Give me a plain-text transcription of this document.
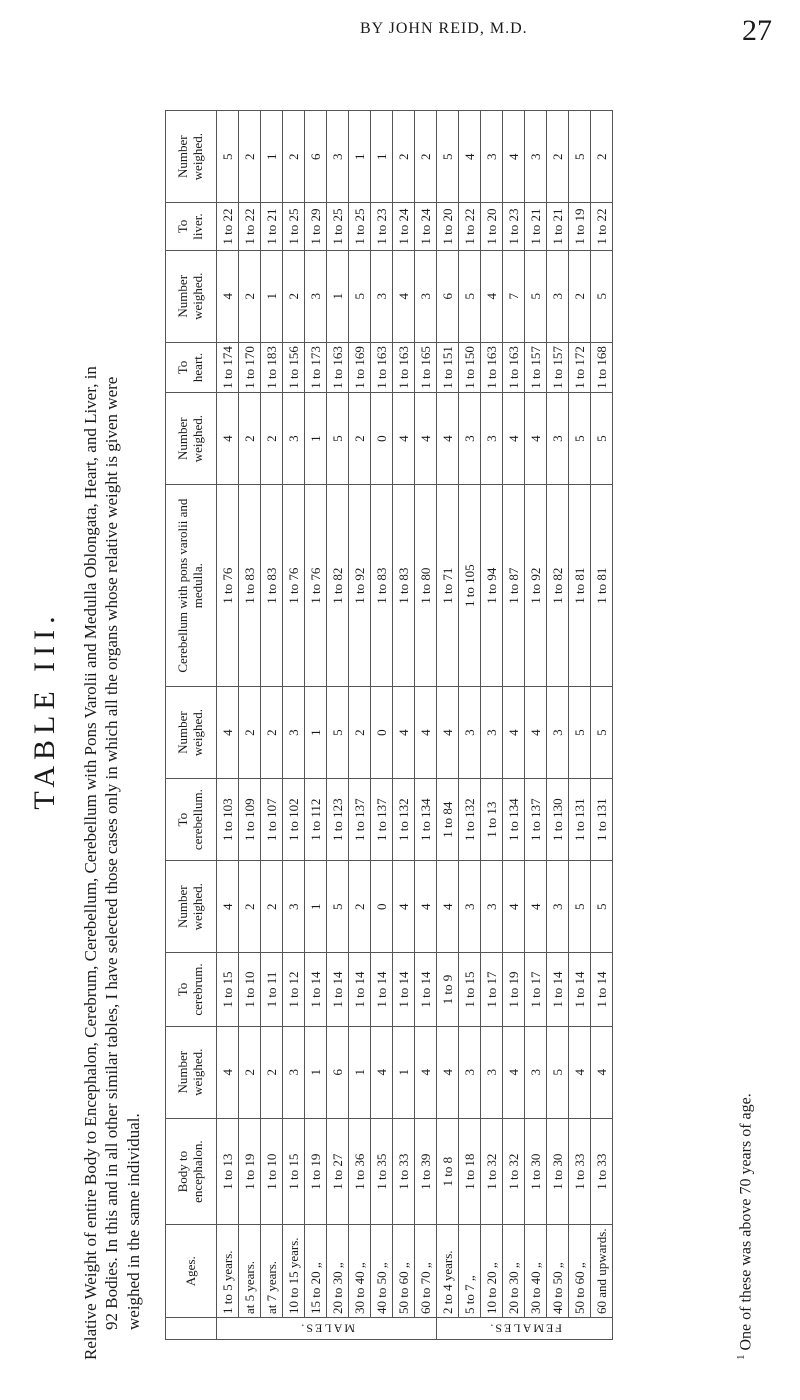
BY JOHN REID, M.D.	27
TABLE III. Relative Weight of entire Body to Encephalon, Cerebrum, Cerebellum, Cerebellum with Pons Varolii and Medulla Oblongata, Heart, and Liver, in 92 Bodies. In this and in all other similar tables, I have selected those cases only in which all the organs whose relative weight is given were weighed in the same individual.
		Ages.	Body to encephalon.	Number weighed.	To cerebrum.	Number weighed.	To cerebellum.	Number weighed.	Cerebellum with pons varolii and medulla.	Number weighed.	To heart.	Number weighed.	To liver.	Number weighed.
MALES.	1 to 5 years.	1 to 13	4	1 to 15	4	1 to 103	4	1 to 76	4	1 to 174	4	1 to 22	5
	at 5 years.	1 to 19	2	1 to 10	2	1 to 109	2	1 to 83	2	1 to 170	2	1 to 22	2
	at 7 years.	1 to 10	2	1 to 11	2	1 to 107	2	1 to 83	2	1 to 183	1	1 to 21	1
	10 to 15 years.	1 to 15	3	1 to 12	3	1 to 102	3	1 to 76	3	1 to 156	2	1 to 25	2
	15 to 20 „	1 to 19	1	1 to 14	1	1 to 112	1	1 to 76	1	1 to 173	3	1 to 29	6
	20 to 30 „	1 to 27	6	1 to 14	5	1 to 123	5	1 to 82	5	1 to 163	1	1 to 25	3
	30 to 40 „	1 to 36	1	1 to 14	2	1 to 137	2	1 to 92	2	1 to 169	5	1 to 25	1
	40 to 50 „	1 to 35	4	1 to 14	0	1 to 137	0	1 to 83	0	1 to 163	3	1 to 23	1
	50 to 60 „	1 to 33	1	1 to 14	4	1 to 132	4	1 to 83	4	1 to 163	4	1 to 24	2
	60 to 70 „	1 to 39	4	1 to 14	4	1 to 134	4	1 to 80	4	1 to 165	3	1 to 24	2
FEMALES.	2 to 4 years.	1 to 8	4	1 to 9	4	1 to 84	4	1 to 71	4	1 to 151	6	1 to 20	5
	5 to 7 „	1 to 18	3	1 to 15	3	1 to 132	3	1 to 105	3	1 to 150	5	1 to 22	4
	10 to 20 „	1 to 32	3	1 to 17	3	1 to 13	3	1 to 94	3	1 to 163	4	1 to 20	3
	20 to 30 „	1 to 32	4	1 to 19	4	1 to 134	4	1 to 87	4	1 to 163	7	1 to 23	4
	30 to 40 „	1 to 30	3	1 to 17	4	1 to 137	4	1 to 92	4	1 to 157	5	1 to 21	3
	40 to 50 „	1 to 30	5	1 to 14	3	1 to 130	3	1 to 82	3	1 to 157	3	1 to 21	2
	50 to 60 „	1 to 33	4	1 to 14	5	1 to 131	5	1 to 81	5	1 to 172	2	1 to 19	5
	60 and upwards.	1 to 33	4	1 to 14	5	1 to 131	5	1 to 81	5	1 to 168	5	1 to 22	2
$^1$ One of these was above 70 years of age.
